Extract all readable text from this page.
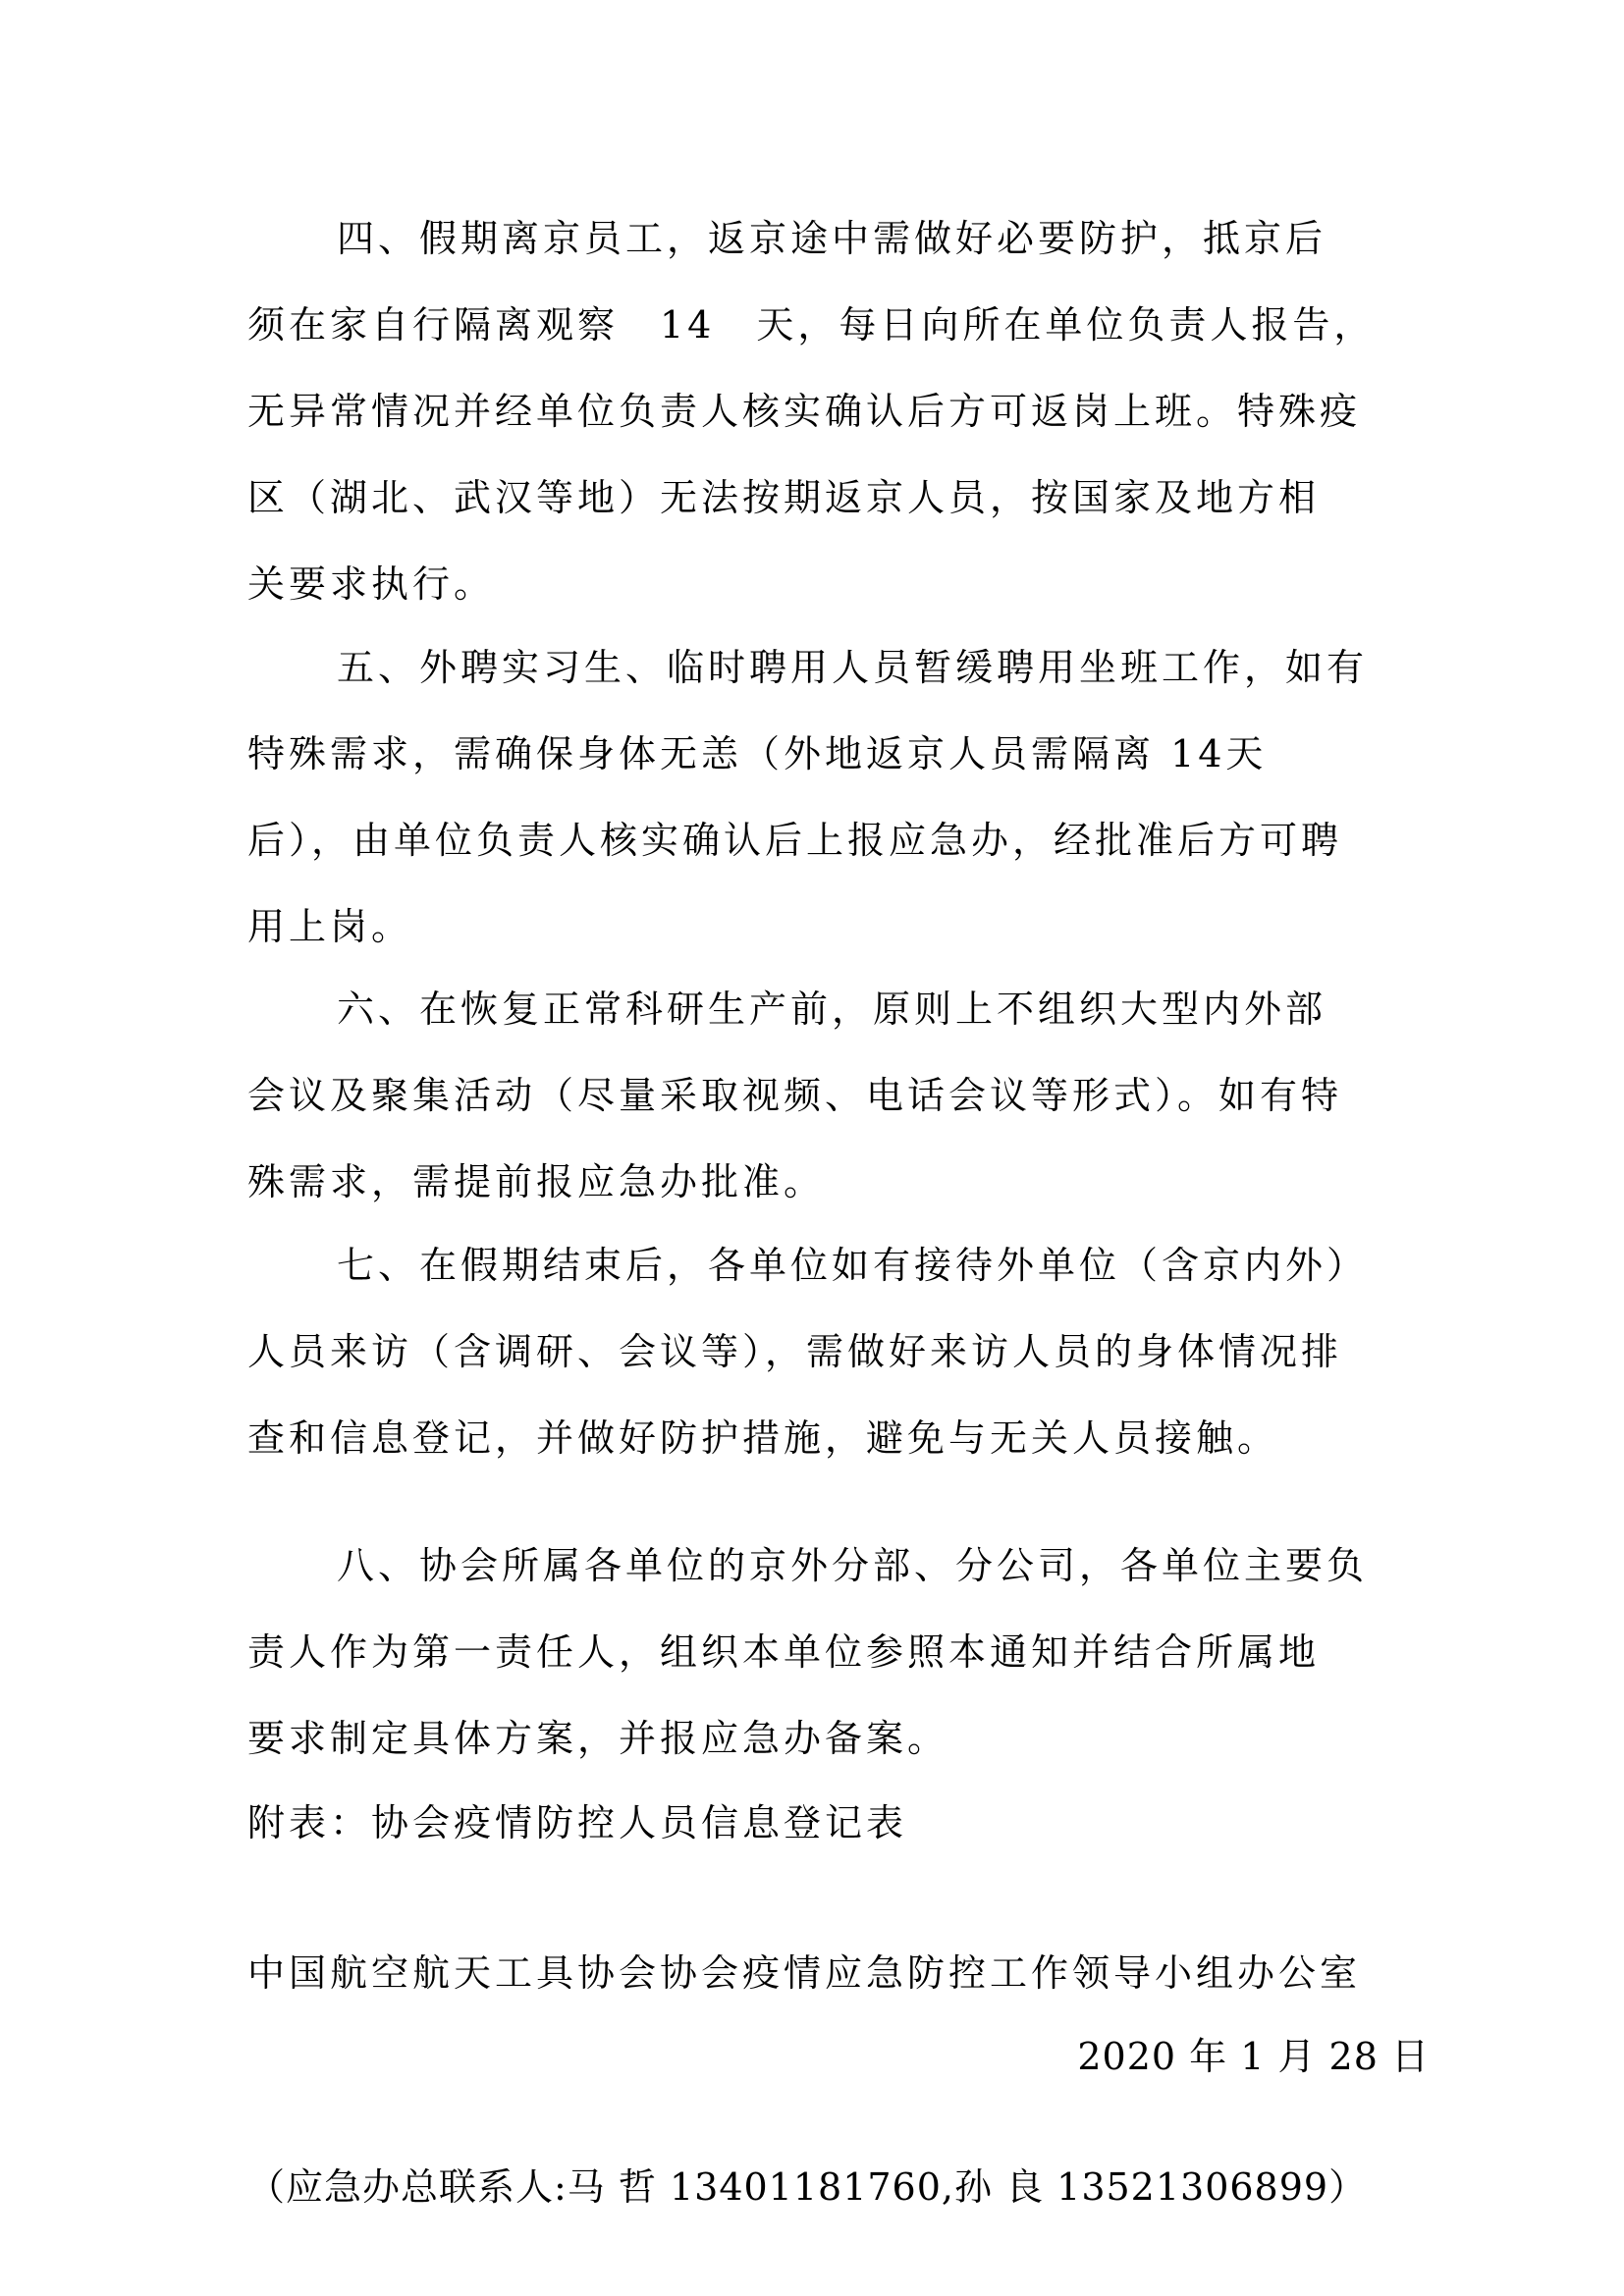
四、假期离京员工，返京途中需做好必要防护，抵京后
须在家自行隔离观察　14　天，每日向所在单位负责人报告，
无异常情况并经单位负责人核实确认后方可返岗上班。特殊疫
区（湖北、武汉等地）无法按期返京人员，按国家及地方相
关要求执行。
五、外聘实习生、临时聘用人员暂缓聘用坐班工作，如有
特殊需求，需确保身体无恙（外地返京人员需隔离 14天
后），由单位负责人核实确认后上报应急办，经批准后方可聘
用上岗。
六、在恢复正常科研生产前，原则上不组织大型内外部
会议及聚集活动（尽量采取视频、电话会议等形式）。如有特
殊需求，需提前报应急办批准。
七、在假期结束后，各单位如有接待外单位（含京内外）
人员来访（含调研、会议等），需做好来访人员的身体情况排
查和信息登记，并做好防护措施，避免与无关人员接触。
八、协会所属各单位的京外分部、分公司，各单位主要负
责人作为第一责任人，组织本单位参照本通知并结合所属地
要求制定具体方案，并报应急办备案。
附表：协会疫情防控人员信息登记表
中国航空航天工具协会协会疫情应急防控工作领导小组办公室
2020 年 1 月 28 日
（应急办总联系人:马 哲 13401181760,孙 良 13521306899）
